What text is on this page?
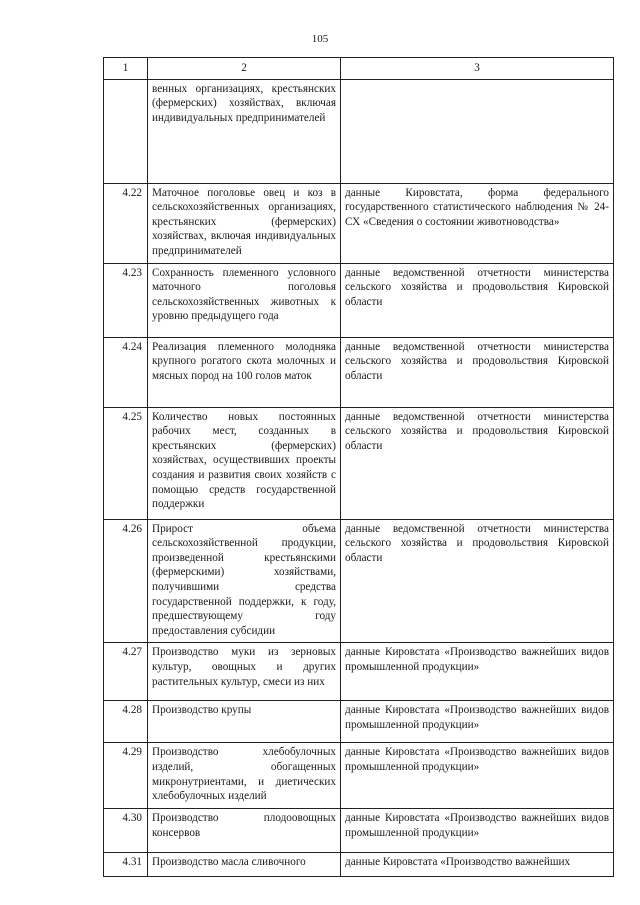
105
1	2	3
	венных организациях, крестьянских (фермерских) хозяйствах, включая индивидуальных предпринимателей	
4.22	Маточное поголовье овец и коз в сельскохозяйственных организациях, крестьянских (фермерских) хозяйствах, включая индивидуальных предпринимателей	данные Кировстата, форма федерального государственного статистического наблюдения № 24-СХ «Сведения о состоянии животноводства»
4.23	Сохранность племенного условного маточного поголовья сельскохозяйственных животных к уровню предыдущего года	данные ведомственной отчетности министерства сельского хозяйства и продовольствия Кировской области
4.24	Реализация племенного молодняка крупного рогатого скота молочных и мясных пород на 100 голов маток	данные ведомственной отчетности министерства сельского хозяйства и продовольствия Кировской области
4.25	Количество новых постоянных рабочих мест, созданных в крестьянских (фермерских) хозяйствах, осуществивших проекты создания и развития своих хозяйств с помощью средств государственной поддержки	данные ведомственной отчетности министерства сельского хозяйства и продовольствия Кировской области
4.26	Прирост объема сельскохозяйственной продукции, произведенной крестьянскими (фермерскими) хозяйствами, получившими средства государственной поддержки, к году, предшествующему году предоставления субсидии	данные ведомственной отчетности министерства сельского хозяйства и продовольствия Кировской области
4.27	Производство муки из зерновых культур, овощных и других растительных культур, смеси из них	данные Кировстата «Производство важнейших видов промышленной продукции»
4.28	Производство крупы	данные Кировстата «Производство важнейших видов промышленной продукции»
4.29	Производство хлебобулочных изделий, обогащенных микронутриентами, и диетических хлебобулочных изделий	данные Кировстата «Производство важнейших видов промышленной продукции»
4.30	Производство плодоовощных консервов	данные Кировстата «Производство важнейших видов промышленной продукции»
4.31	Производство масла сливочного	данные Кировстата «Производство важнейших
